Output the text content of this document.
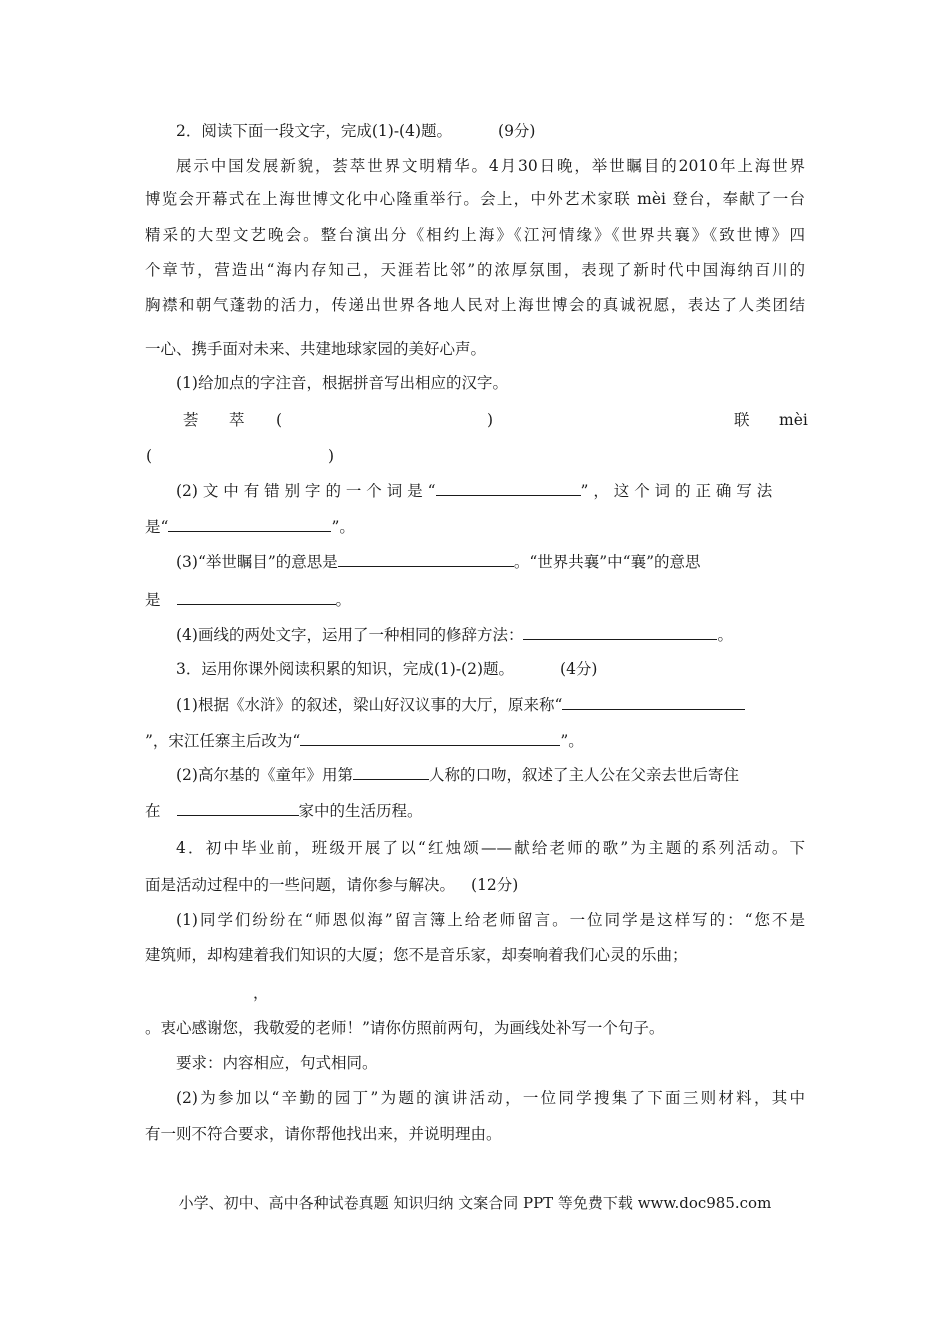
2．阅读下面一段文字，完成(1)-(4)题。	(9分)
展示中国发展新貌，荟萃世界文明精华。4月30日晚，举世瞩目的2010年上海世界
博览会开幕式在上海世博文化中心隆重举行。会上，中外艺术家联 mèi 登台，奉献了一台
精采的大型文艺晚会。整台演出分《相约上海》《江河情缘》《世界共襄》《致世博》四
个章节，营造出“海内存知己，天涯若比邻”的浓厚氛围，表现了新时代中国海纳百川的
胸襟和朝气蓬勃的活力，传递出世界各地人民对上海世博会的真诚祝愿，表达了人类团结
一心、携手面对未来、共建地球家园的美好心声。
(1)给加点的字注音，根据拼音写出相应的汉字。
荟 萃 (	)	联 mèi
(	)
(2) 文 中 有 错 别 字 的 一 个 词 是 “	” ， 这 个 词 的 正 确 写 法
是“	”。
(3)“举世瞩目”的意思是	。“世界共襄”中“襄”的意思
是	。
(4)画线的两处文字，运用了一种相同的修辞方法：	。
3．运用你课外阅读积累的知识，完成(1)-(2)题。	(4分)
(1)根据《水浒》的叙述，梁山好汉议事的大厅，原来称“
”，宋江任寨主后改为“	”。
(2)高尔基的《童年》用第	人称的口吻，叙述了主人公在父亲去世后寄住
在	家中的生活历程。
4．初中毕业前，班级开展了以“红烛颂——献给老师的歌”为主题的系列活动。下
面是活动过程中的一些问题，请你参与解决。 (12分)
(1)同学们纷纷在“师恩似海”留言簿上给老师留言。一位同学是这样写的：“您不是
建筑师，却构建着我们知识的大厦；您不是音乐家，却奏响着我们心灵的乐曲；
，
。衷心感谢您，我敬爱的老师！”请你仿照前两句，为画线处补写一个句子。
要求：内容相应，句式相同。
(2)为参加以“辛勤的园丁”为题的演讲活动，一位同学搜集了下面三则材料，其中
有一则不符合要求，请你帮他找出来，并说明理由。
小学、初中、高中各种试卷真题 知识归纳 文案合同 PPT 等免费下载 www.doc985.com
